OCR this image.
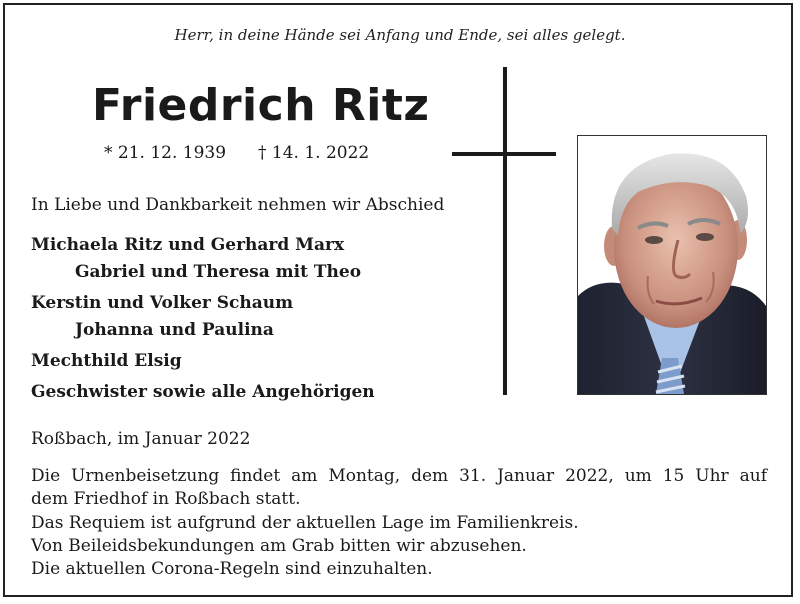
Herr, in deine Hände sei Anfang und Ende, sei alles gelegt.
Friedrich Ritz
* 21. 12. 1939 † 14. 1. 2022
In Liebe und Dankbarkeit nehmen wir Abschied
Michaela Ritz und Gerhard Marx
Gabriel und Theresa mit Theo
Kerstin und Volker Schaum
Johanna und Paulina
Mechthild Elsig
Geschwister sowie alle Angehörigen
Roßbach, im Januar 2022
Die Urnenbeisetzung findet am Montag, dem 31. Januar 2022, um 15 Uhr auf
dem Friedhof in Roßbach statt.
Das Requiem ist aufgrund der aktuellen Lage im Familienkreis.
Von Beileidsbekundungen am Grab bitten wir abzusehen.
Die aktuellen Corona-Regeln sind einzuhalten.
